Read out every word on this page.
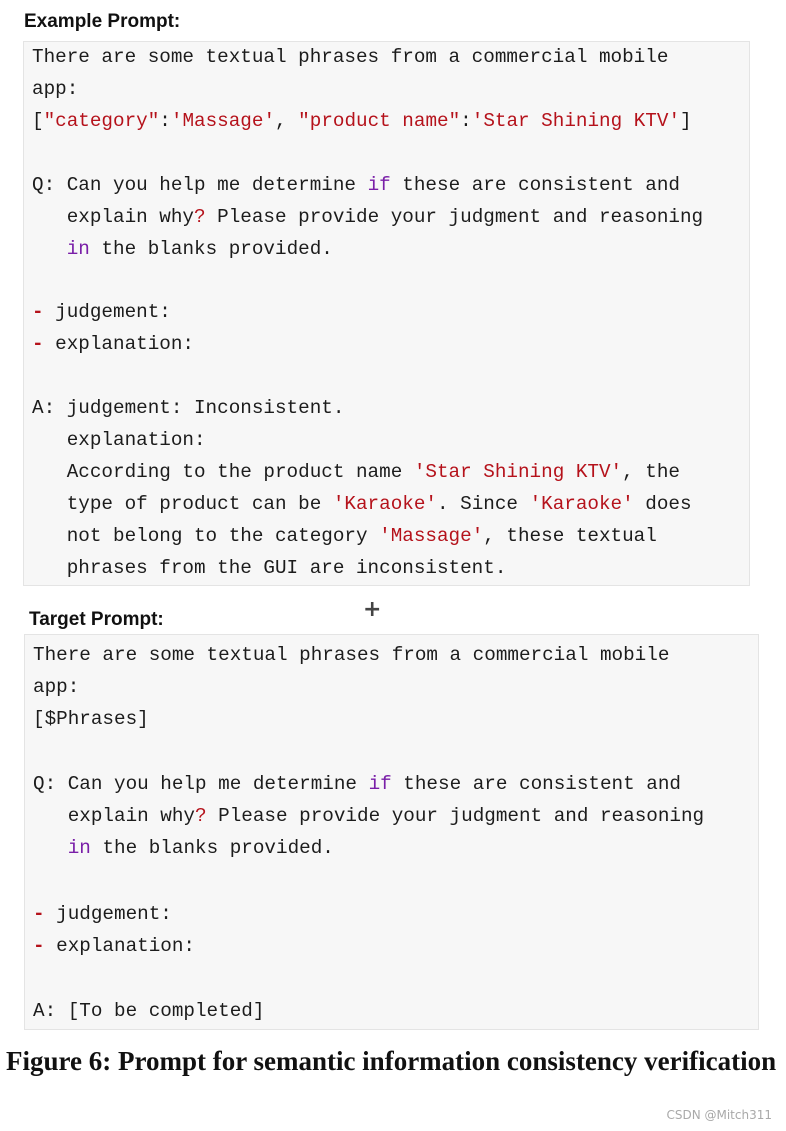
Example Prompt:
There are some textual phrases from a commercial mobile
app:
["category":'Massage', "product name":'Star Shining KTV']
Q: Can you help me determine if these are consistent and
explain why? Please provide your judgment and reasoning
in the blanks provided.
- judgement:
- explanation:
A: judgement: Inconsistent.
explanation:
According to the product name 'Star Shining KTV', the
type of product can be 'Karaoke'. Since 'Karaoke' does
not belong to the category 'Massage', these textual
phrases from the GUI are inconsistent.
+
Target Prompt:
There are some textual phrases from a commercial mobile
app:
[$Phrases]
Q: Can you help me determine if these are consistent and
explain why? Please provide your judgment and reasoning
in the blanks provided.
- judgement:
- explanation:
A: [To be completed]
Figure 6: Prompt for semantic information consistency verification
CSDN @Mitch311
